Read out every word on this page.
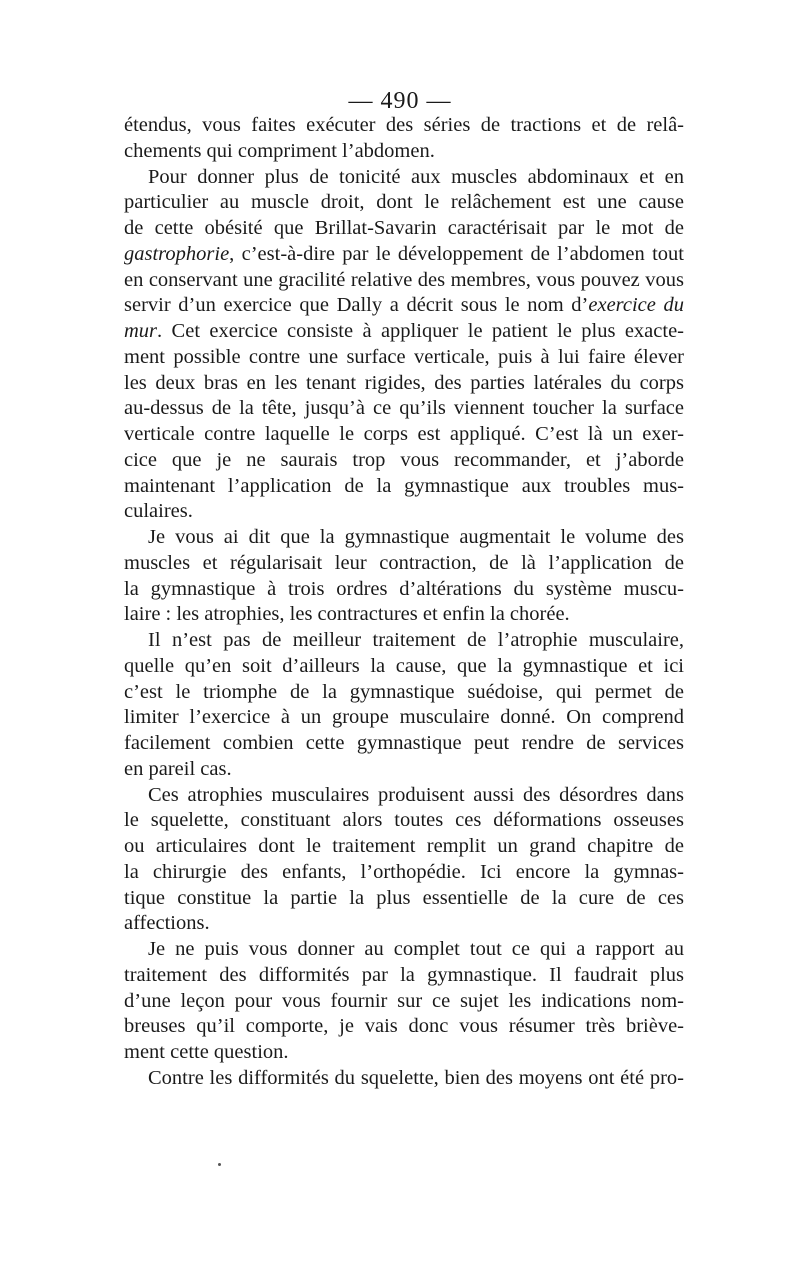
— 490 —
étendus, vous faites exécuter des séries de tractions et de relâ-
chements qui compriment l’abdomen.
Pour donner plus de tonicité aux muscles abdominaux et en
particulier au muscle droit, dont le relâchement est une cause
de cette obésité que Brillat-Savarin caractérisait par le mot de
gastrophorie, c’est-à-dire par le développement de l’abdomen tout
en conservant une gracilité relative des membres, vous pouvez vous
servir d’un exercice que Dally a décrit sous le nom d’exercice du
mur. Cet exercice consiste à appliquer le patient le plus exacte-
ment possible contre une surface verticale, puis à lui faire élever
les deux bras en les tenant rigides, des parties latérales du corps
au-dessus de la tête, jusqu’à ce qu’ils viennent toucher la surface
verticale contre laquelle le corps est appliqué. C’est là un exer-
cice que je ne saurais trop vous recommander, et j’aborde
maintenant l’application de la gymnastique aux troubles mus-
culaires.
Je vous ai dit que la gymnastique augmentait le volume des
muscles et régularisait leur contraction, de là l’application de
la gymnastique à trois ordres d’altérations du système muscu-
laire : les atrophies, les contractures et enfin la chorée.
Il n’est pas de meilleur traitement de l’atrophie musculaire,
quelle qu’en soit d’ailleurs la cause, que la gymnastique et ici
c’est le triomphe de la gymnastique suédoise, qui permet de
limiter l’exercice à un groupe musculaire donné. On comprend
facilement combien cette gymnastique peut rendre de services
en pareil cas.
Ces atrophies musculaires produisent aussi des désordres dans
le squelette, constituant alors toutes ces déformations osseuses
ou articulaires dont le traitement remplit un grand chapitre de
la chirurgie des enfants, l’orthopédie. Ici encore la gymnas-
tique constitue la partie la plus essentielle de la cure de ces
affections.
Je ne puis vous donner au complet tout ce qui a rapport au
traitement des difformités par la gymnastique. Il faudrait plus
d’une leçon pour vous fournir sur ce sujet les indications nom-
breuses qu’il comporte, je vais donc vous résumer très briève-
ment cette question.
Contre les difformités du squelette, bien des moyens ont été pro-
